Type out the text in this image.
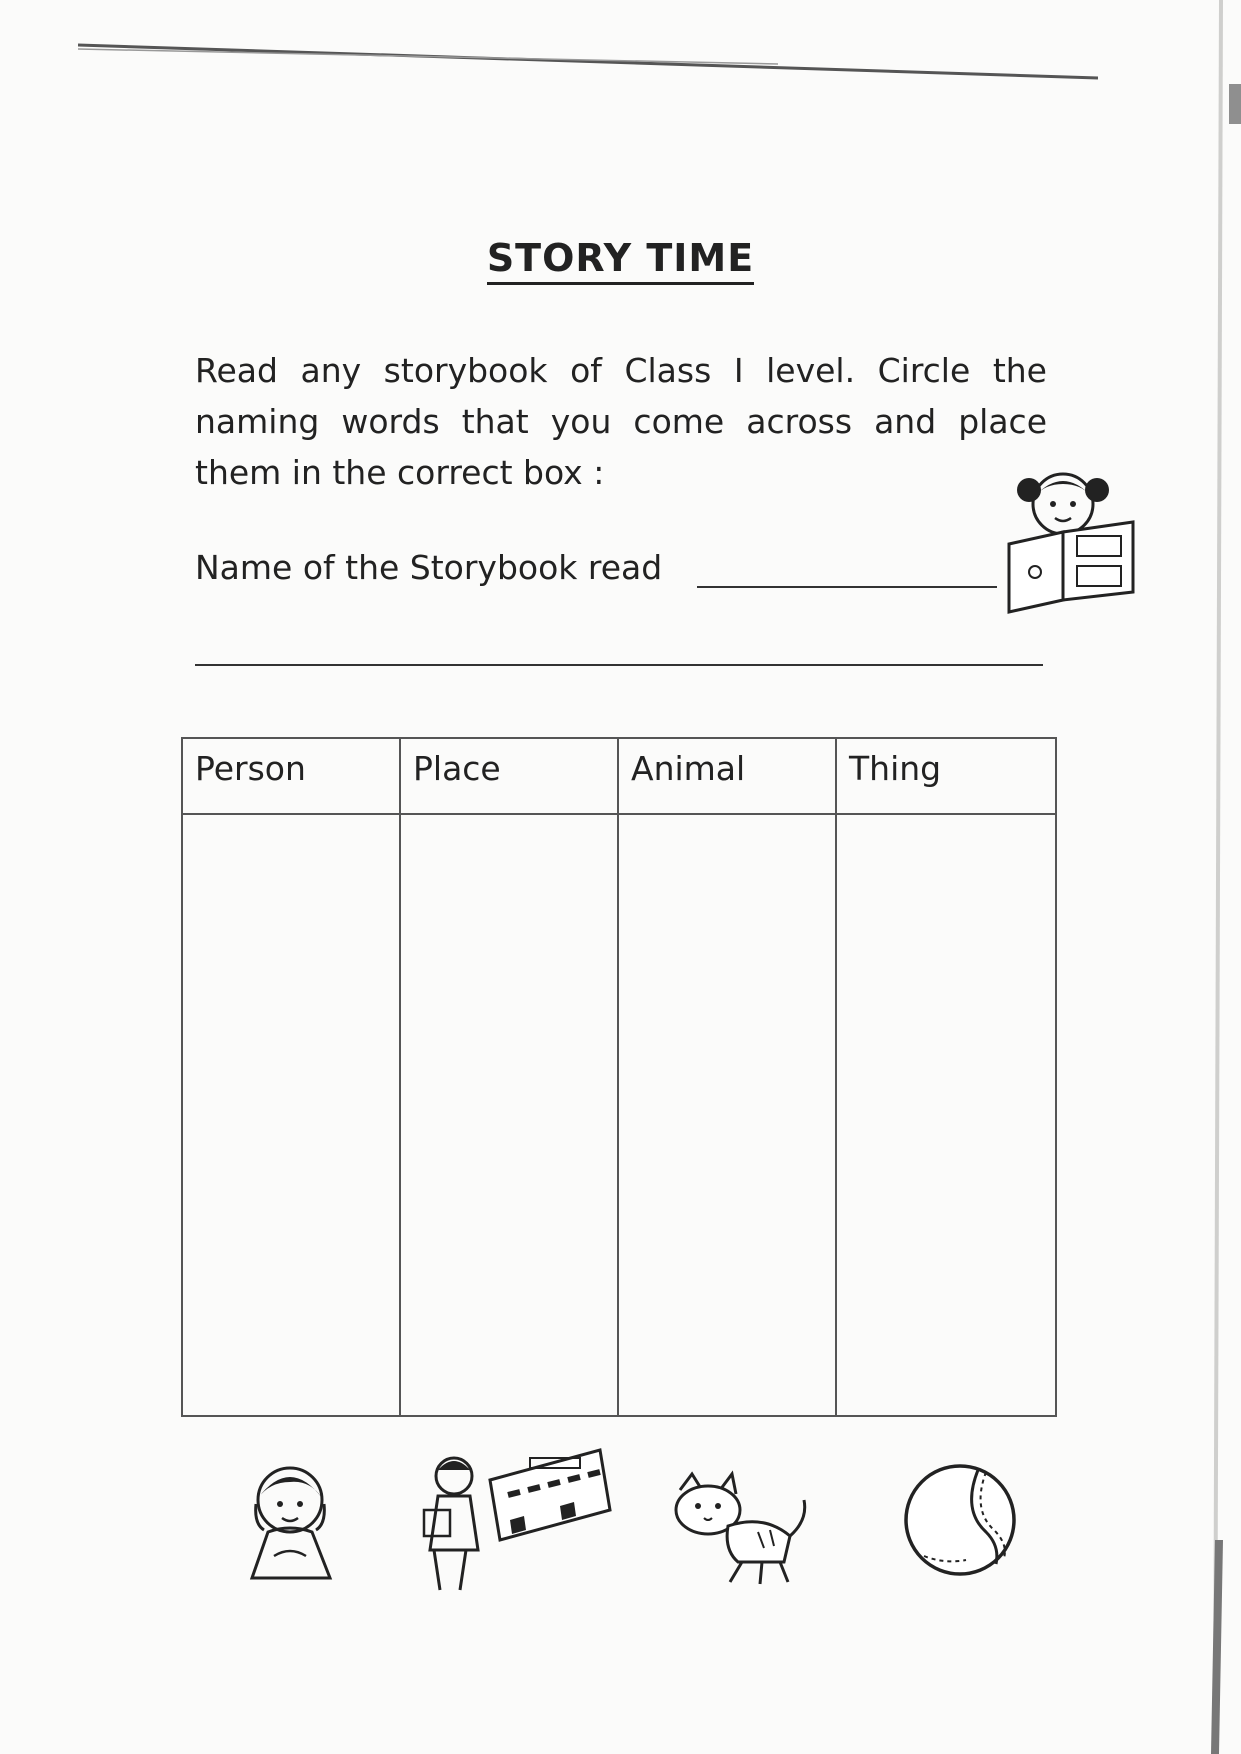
STORY TIME
Read any storybook of Class I level. Circle the naming words that you come across and place them in the correct box :
Name of the Storybook read
Person	Place	Animal	Thing
